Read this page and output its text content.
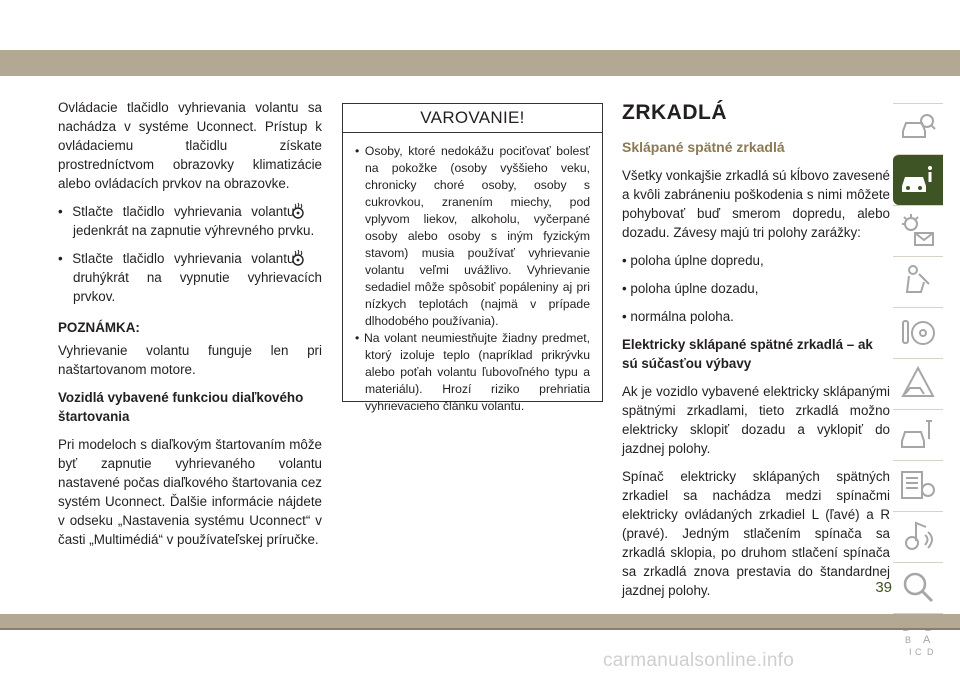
Ovládacie tlačidlo vyhrievania volantu sa nachádza v systéme Uconnect. Prístup k ovládaciemu tlačidlu získate prostredníctvom obrazovky klimatizácie alebo ovládacích prvkov na obrazovke.

• Stlačte tlačidlo vyhrievania volantu  jedenkrát na zapnutie výhrevného prvku.

• Stlačte tlačidlo vyhrievania volantu  druhýkrát na vypnutie vyhrievacích prvkov.

POZNÁMKA:

Vyhrievanie volantu funguje len pri naštartovanom motore.

Vozidlá vybavené funkciou diaľkového štartovania

Pri modeloch s diaľkovým štartovaním môže byť zapnutie vyhrievaného volantu nastavené počas diaľkového štartovania cez systém Uconnect. Ďalšie informácie nájdete v odseku „Nastavenia systému Uconnect“ v časti „Multimédiá“ v používateľskej príručke.

VAROVANIE!
• Osoby, ktoré nedokážu pociťovať bolesť na pokožke (osoby vyššieho veku, chronicky choré osoby, osoby s cukrovkou, zranením miechy, pod vplyvom liekov, alkoholu, vyčerpané osoby alebo osoby s iným fyzickým stavom) musia používať vyhrievanie volantu veľmi uvážlivo. Vyhrievanie sedadiel môže spôsobiť popáleniny aj pri nízkych teplotách (najmä v prípade dlhodobého používania).
• Na volant neumiestňujte žiadny predmet, ktorý izoluje teplo (napríklad prikrývku alebo poťah volantu ľubovoľného typu a materiálu). Hrozí riziko prehriatia vyhrievacieho článku volantu.
ZRKADLÁ
Sklápané spätné zrkadlá

Všetky vonkajšie zrkadlá sú kĺbovo zavesené a kvôli zabráneniu poškodenia s nimi môžete pohybovať buď smerom dopredu, alebo dozadu. Závesy majú tri polohy zarážky:

• poloha úplne dopredu,

• poloha úplne dozadu,

• normálna poloha.

Elektricky sklápané spätné zrkadlá – ak sú súčasťou výbavy

Ak je vozidlo vybavené elektricky sklápanými spätnými zrkadlami, tieto zrkadlá možno elektricky sklopiť dozadu a vyklopiť do jazdnej polohy.

Spínač elektricky sklápaných spätných zrkadiel sa nachádza medzi spínačmi elektricky ovládaných zrkadiel L (ľavé) a R (pravé). Jedným stlačením spínača sa zrkadlá sklopia, po druhom stlačení spínača sa zrkadlá znova prestavia do štandardnej jazdnej polohy.

B A
I C D
39
carmanualsonline.info
